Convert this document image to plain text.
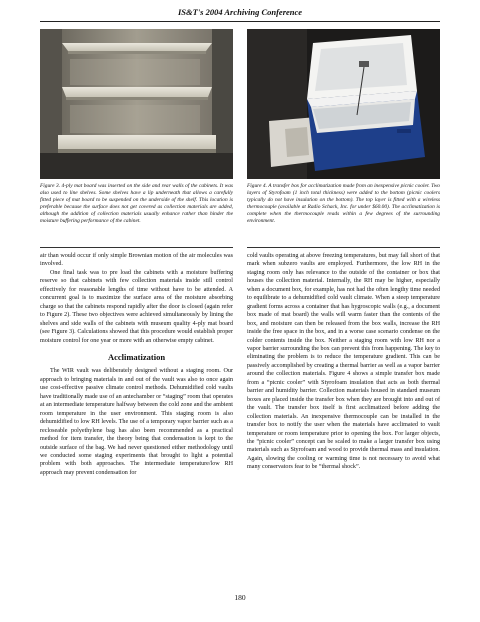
IS&T's 2004 Archiving Conference
Figure 3. 4-ply mat board was inserted on the side and rear walls of the cabinets. It was also used to line shelves. Some shelves have a lip underneath that allows a carefully fitted piece of mat board to be suspended on the underside of the shelf. This location is preferable because the surface does not get covered as collection materials are added, although the addition of collection materials usually enhance rather than hinder the moisture buffering performance of the cabinet.
Figure 4. A transfer box for acclimatization made from an inexpensive picnic cooler. Two layers of Styrofoam (1 inch total thickness) were added to the bottom (picnic coolers typically do not have insulation on the bottom). The top layer is fitted with a wireless thermocouple (available at Radio Schack, Inc. for under $60.00). The acclimatization is complete when the thermocouple reads within a few degrees of the surrounding environment.

air than would occur if only simple Brownian motion of the air molecules was involved.

One final task was to pre load the cabinets with a moisture buffering reserve so that cabinets with few collection materials inside still control effectively for reasonable lengths of time without have to be attended. A concurrent goal is to maximize the surface area of the moisture absorbing charge so that the cabinets respond rapidly after the door is closed (again refer to Figure 2). These two objectives were achieved simultaneously by lining the shelves and side walls of the cabinets with museum quality 4-ply mat board (see Figure 3). Calculations showed that this procedure would establish proper moisture control for one year or more with an otherwise empty cabinet.

Acclimatization

The WIR vault was deliberately designed without a staging room. Our approach to bringing materials in and out of the vault was also to once again use cost-effective passive climate control methods. Dehumidified cold vaults have traditionally made use of an antechamber or “staging” room that operates at an intermediate temperature halfway between the cold zone and the ambient room temperature in the user environment. This staging room is also dehumidified to low RH levels. The use of a temporary vapor barrier such as a recloseable polyethylene bag has also been recommended as a practical method for item transfer, the theory being that condensation is kept to the outside surface of the bag. We had never questioned either methodology until we conducted some staging experiments that brought to light a potential problem with both approaches. The intermediate temperature/low RH approach may prevent condensation for

cold vaults operating at above freezing temperatures, but may fall short of that mark when subzero vaults are employed. Furthermore, the low RH in the staging room only has relevance to the outside of the container or box that houses the collection material. Internally, the RH may be higher, especially when a document box, for example, has not had the often lengthy time needed to equilibrate to a dehumidified cold vault climate. When a steep temperature gradient forms across a container that has hygroscopic walls (e.g., a document box made of mat board) the walls will warm faster than the contents of the box, and moisture can then be released from the box walls, increase the RH inside the free space in the box, and in a worse case scenario condense on the colder contents inside the box. Neither a staging room with low RH nor a vapor barrier surrounding the box can prevent this from happening. The key to eliminating the problem is to reduce the temperature gradient. This can be passively accomplished by creating a thermal barrier as well as a vapor barrier around the collection materials. Figure 4 shows a simple transfer box made from a “picnic cooler” with Styrofoam insulation that acts as both thermal barrier and humidity barrier. Collection materials housed in standard museum boxes are placed inside the transfer box when they are brought into and out of the vault. The transfer box itself is first acclimatized before adding the collection materials. An inexpensive thermocouple can be installed in the transfer box to notify the user when the materials have acclimated to vault temperature or room temperature prior to opening the box. For larger objects, the “picnic cooler” concept can be scaled to make a larger transfer box using materials such as Styrofoam and wood to provide thermal mass and insulation. Again, slowing the cooling or warming time is not necessary to avoid what many conservators fear to be “thermal shock”.

180
